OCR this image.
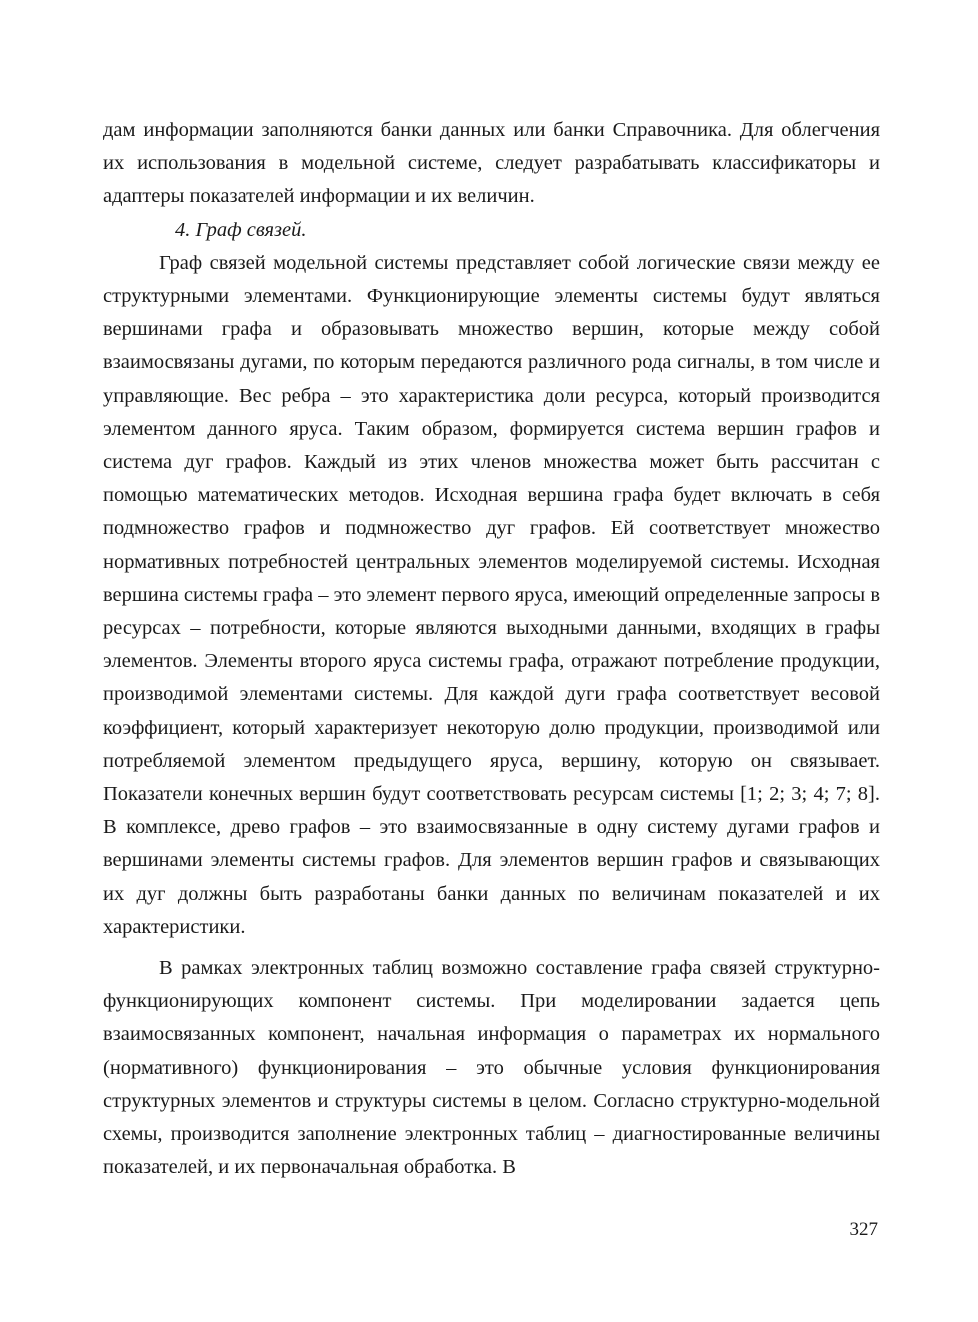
дам информации заполняются банки данных или банки Справочника. Для облегчения их использования в модельной системе, следует разрабатывать классификаторы и адаптеры показателей информации и их величин.

4. Граф связей.

Граф связей модельной системы представляет собой логические связи между ее структурными элементами. Функционирующие элементы системы будут являться вершинами графа и образовывать множество вершин, которые между собой взаимосвязаны дугами, по которым передаются различного рода сигналы, в том числе и управляющие. Вес ребра – это характеристика доли ресурса, который производится элементом данного яруса. Таким образом, формируется система вершин графов и система дуг графов. Каждый из этих членов множества может быть рассчитан с помощью математических методов. Исходная вершина графа будет включать в себя подмножество графов и подмножество дуг графов. Ей соответствует множество нормативных потребностей центральных элементов моделируемой системы. Исходная вершина системы графа – это элемент первого яруса, имеющий определенные запросы в ресурсах – потребности, которые являются выходными данными, входящих в графы элементов. Элементы второго яруса системы графа, отражают потребление продукции, производимой элементами системы. Для каждой дуги графа соответствует весовой коэффициент, который характеризует некоторую долю продукции, производимой или потребляемой элементом предыдущего яруса, вершину, которую он связывает. Показатели конечных вершин будут соответствовать ресурсам системы [1; 2; 3; 4; 7; 8]. В комплексе, древо графов – это взаимосвязанные в одну систему дугами графов и вершинами элементы системы графов. Для элементов вершин графов и связывающих их дуг должны быть разработаны банки данных по величинам показателей и их характеристики.

В рамках электронных таблиц возможно составление графа связей структурно-функционирующих компонент системы. При моделировании задается цепь взаимосвязанных компонент, начальная информация о параметрах их нормального (нормативного) функционирования – это обычные условия функционирования структурных элементов и структуры системы в целом. Согласно структурно-модельной схемы, производится заполнение электронных таблиц – диагностированные величины показателей, и их первоначальная обработка. В

327
